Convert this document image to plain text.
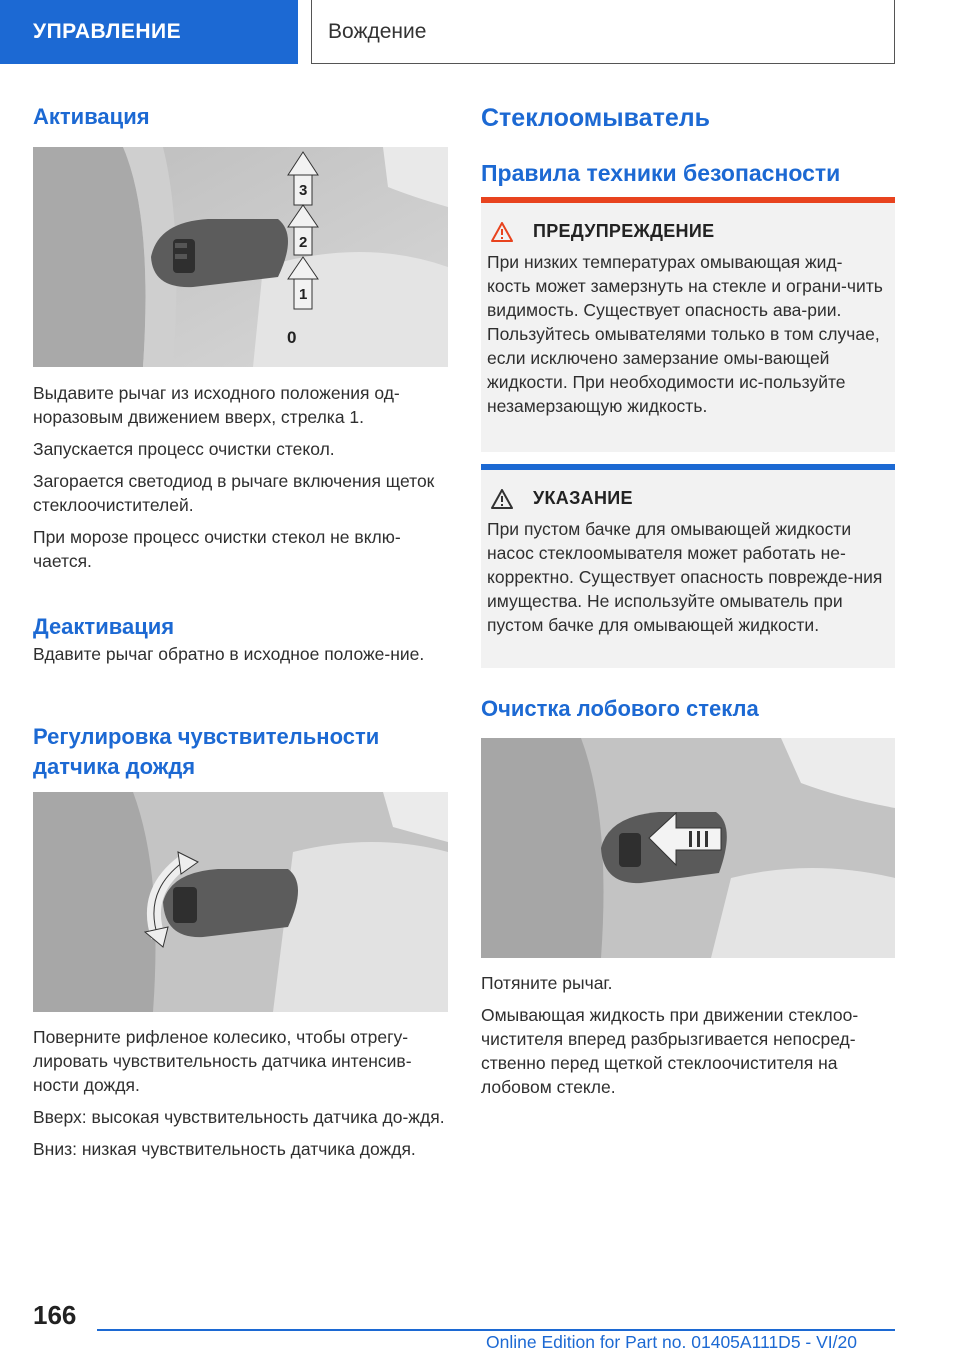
УПРАВЛЕНИЕ	Вождение
Активация
3
2
1
0

Выдавите рычаг из исходного положения од-норазовым движением вверх, стрелка 1.

Запускается процесс очистки стекол.

Загорается светодиод в рычаге включения щеток стеклоочистителей.

При морозе процесс очистки стекол не вклю-чается.

Деактивация

Вдавите рычаг обратно в исходное положе-ние.

Регулировка чувствительности датчика дождя

Поверните рифленое колесико, чтобы отрегу-лировать чувствительность датчика интенсив-ности дождя.

Вверх: высокая чувствительность датчика до-ждя.

Вниз: низкая чувствительность датчика дождя.

Стеклоомыватель
Правила техники безопасности
ПРЕДУПРЕЖДЕНИЕ

При низких температурах омывающая жид-кость может замерзнуть на стекле и ограни-чить видимость. Существует опасность ава-рии. Пользуйтесь омывателями только в том случае, если исключено замерзание омы-вающей жидкости. При необходимости ис-пользуйте незамерзающую жидкость.

УКАЗАНИЕ

При пустом бачке для омывающей жидкости насос стеклоомывателя может работать не-корректно. Существует опасность поврежде-ния имущества. Не используйте омыватель при пустом бачке для омывающей жидкости.

Очистка лобового стекла

Потяните рычаг.

Омывающая жидкость при движении стеклоо-чистителя вперед разбрызгивается непосред-ственно перед щеткой стеклоочистителя на лобовом стекле.

166
Online Edition for Part no. 01405A111D5 - VI/20
